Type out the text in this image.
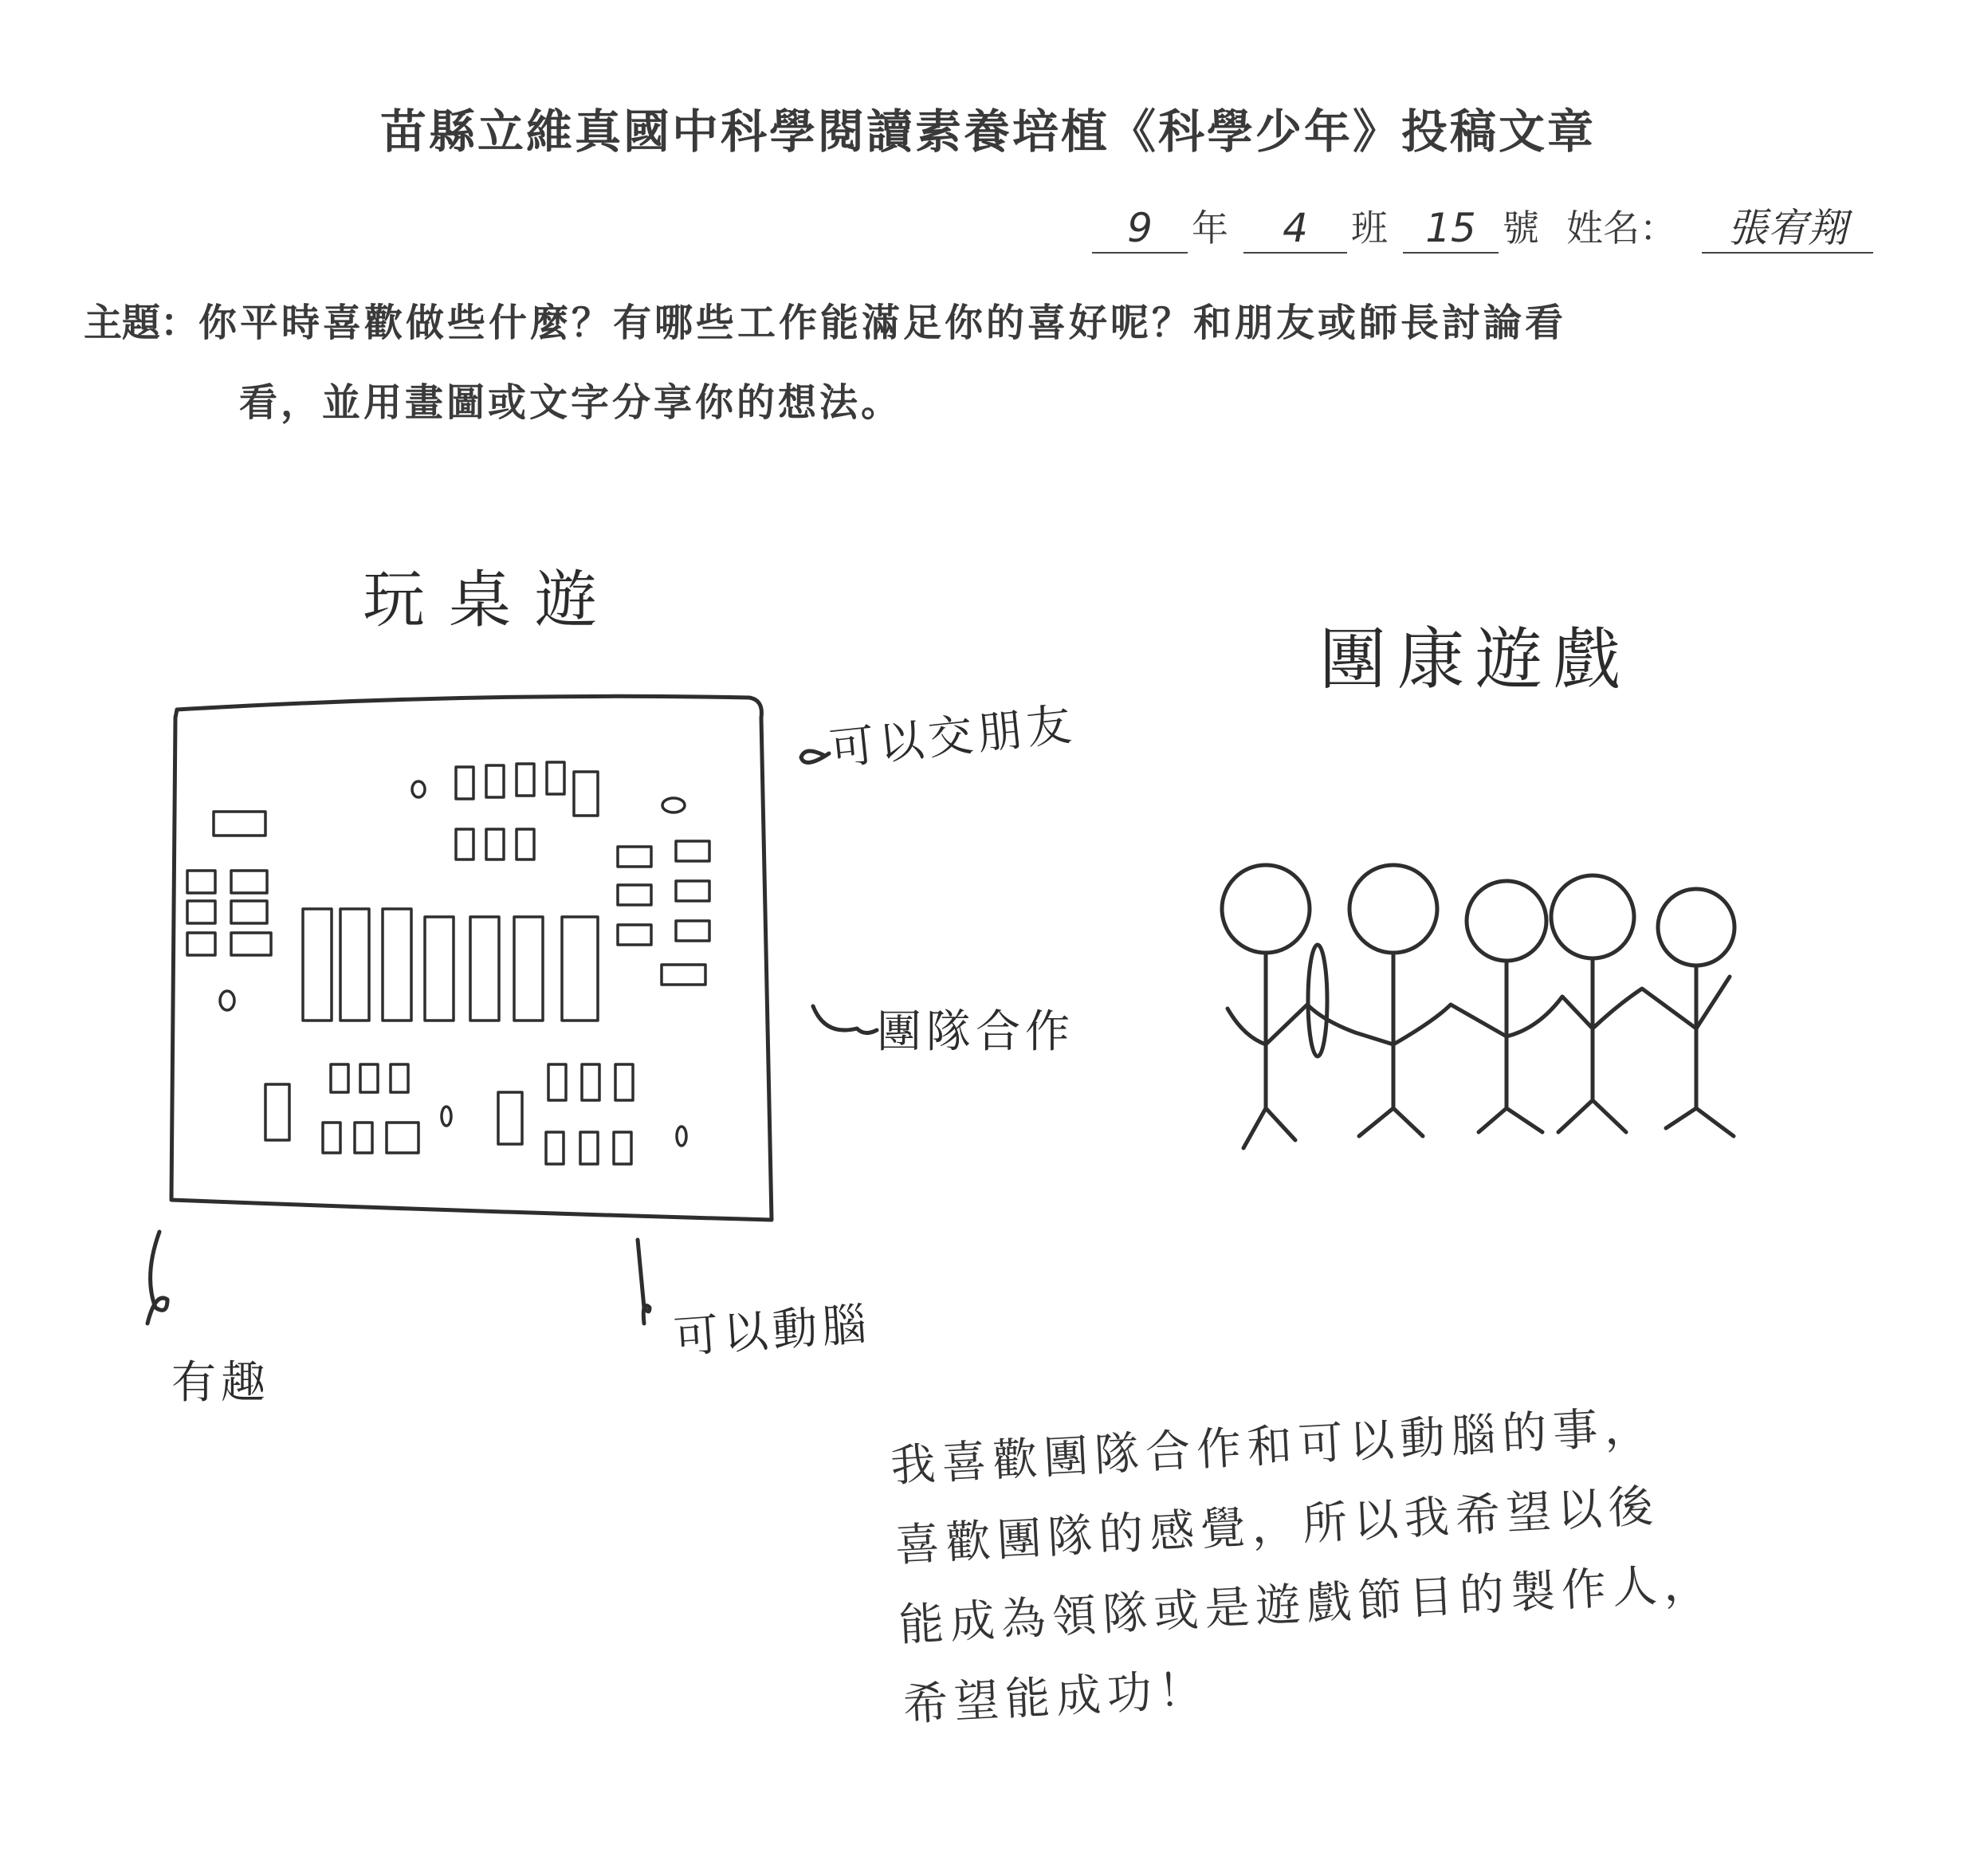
苗縣立維真國中科學閱讀素養培植《科學少年》投稿文章
9	年	4	班 15 號 姓名：	張宥翔
主題：你平時喜歡做些什麼？有哪些工作能滿足你的喜好呢？和朋友或師長討論看
看，並用畫圖或文字分享你的想法。
玩桌遊
團康遊戲
可以交朋友
團隊合作
有趣
可以動腦
我喜歡團隊合作和可以動腦的事，
喜歡團隊的感覺，所以我希望以後
能成為領隊或是遊戲節目的製作人，
希望能成功！
